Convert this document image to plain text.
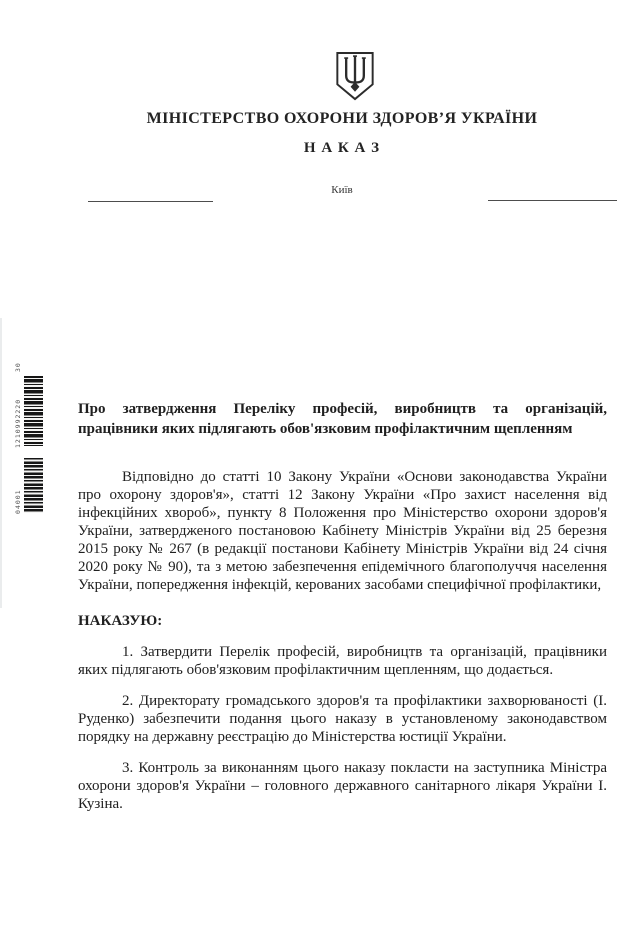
МІНІСТЕРСТВО ОХОРОНИ ЗДОРОВ’Я УКРАЇНИ
Н А К А З
Київ
30
1210992220
04001

Про затвердження Переліку професій, виробництв та організацій, працівники яких підлягають обов'язковим профілактичним щепленням

Відповідно до статті 10 Закону України «Основи законодавства України про охорону здоров'я», статті 12 Закону України «Про захист населення від інфекційних хвороб», пункту 8 Положення про Міністерство охорони здоров'я України, затвердженого постановою Кабінету Міністрів України від 25 березня 2015 року № 267 (в редакції постанови Кабінету Міністрів України від 24 січня 2020 року № 90), та з метою забезпечення епідемічного благополуччя населення України, попередження інфекцій, керованих засобами специфічної профілактики,

НАКАЗУЮ:

1. Затвердити Перелік професій, виробництв та організацій, працівники яких підлягають обов'язковим профілактичним щепленням, що додається.

2. Директорату громадського здоров'я та профілактики захворюваності (І. Руденко) забезпечити подання цього наказу в установленому законодавством порядку на державну реєстрацію до Міністерства юстиції України.

3. Контроль за виконанням цього наказу покласти на заступника Міністра охорони здоров'я України – головного державного санітарного лікаря України І. Кузіна.
